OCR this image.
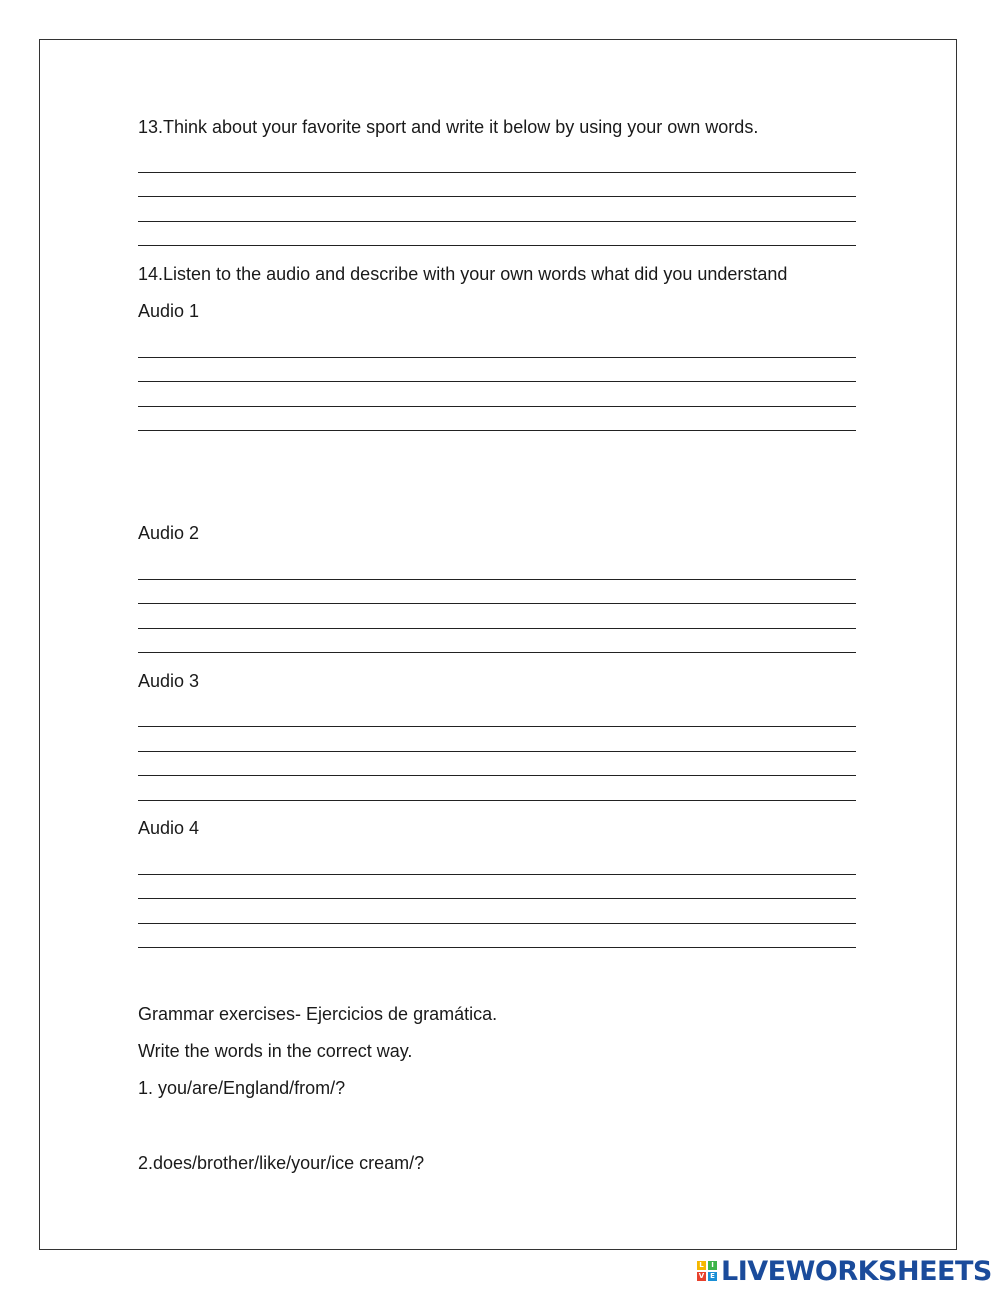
13.Think about your favorite sport and write it below by using your own words.
14.Listen to the audio and describe with your own words what did you understand
Audio 1
Audio 2
Audio 3
Audio 4
Grammar exercises- Ejercicios de gramática.
Write the words in the correct way.
1. you/are/England/from/?
2.does/brother/like/your/ice cream/?
L	I
V E LIVEWORKSHEETS
